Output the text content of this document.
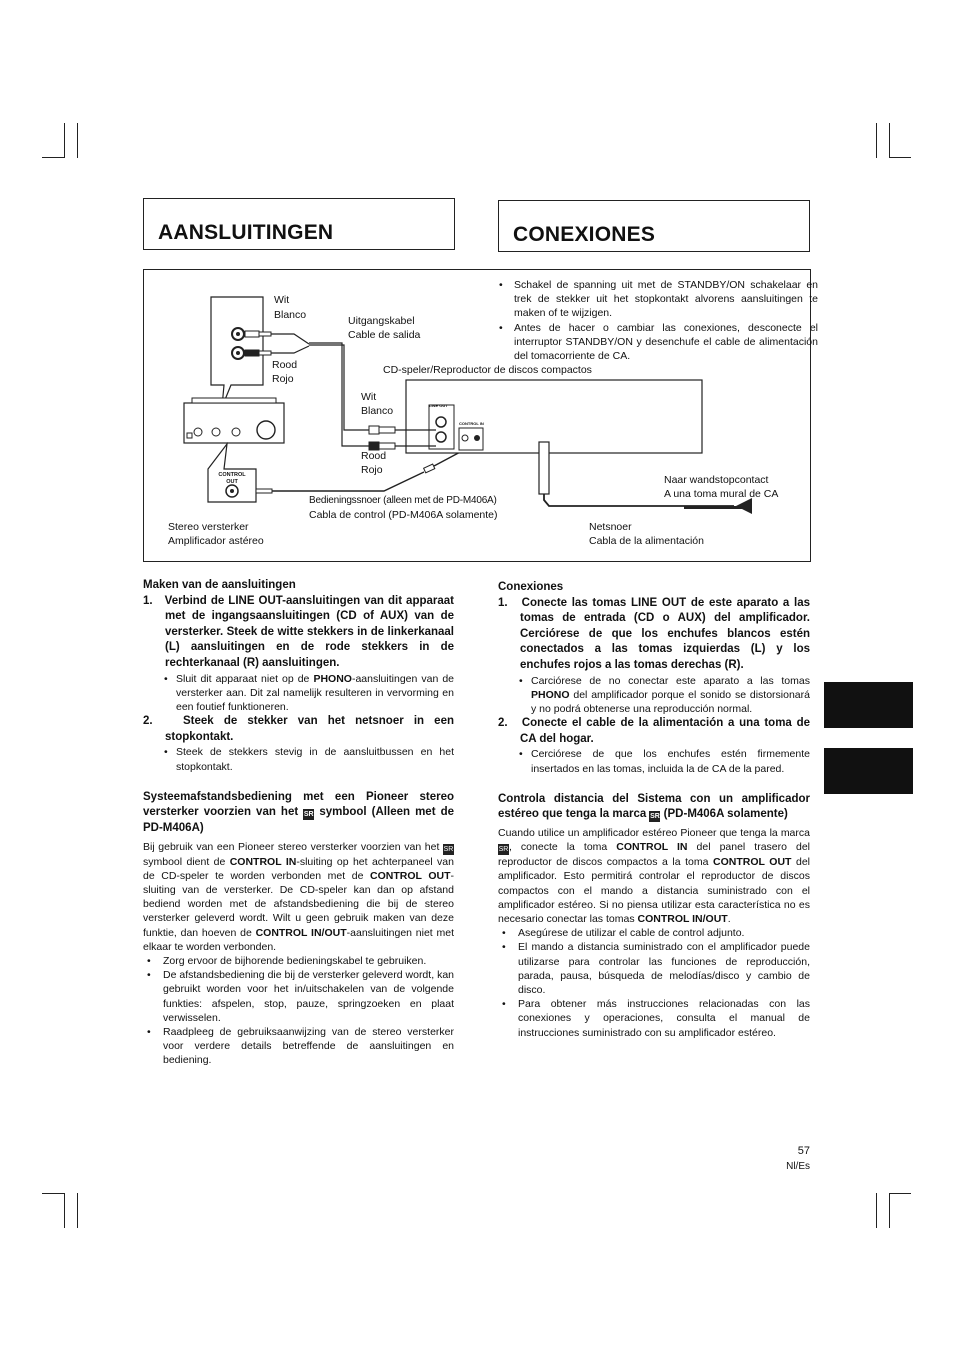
AANSLUITINGEN	CONEXIONES
Wit
Blanco
Rood
Rojo
Uitgangskabel
Cable de salida
CD-speler/Reproductor de discos compactos
Wit
Blanco
Rood
Rojo
Naar wandstopcontact
A una toma mural de CA
Bedieningssnoer (alleen met de PD-M406A)
Cabla de control (PD-M406A solamente)
Stereo versterker
Amplificador astéreo
Netsnoer
Cabla de la alimentación
CONTROL OUT
LINE OUT
CONTROL IN
• Schakel de spanning uit met de STANDBY/ON schakelaar en trek de stekker uit het stopkontakt alvorens aansluitingen te maken of te wijzigen.
• Antes de hacer o cambiar las conexiones, desconecte el interruptor STANDBY/ON y desenchufe el cable de alimentación del tomacorriente de CA.

Maken van de aansluitingen

1.   Verbind de LINE OUT-aansluitingen van dit apparaat met de ingangsaansluitingen (CD of AUX) van de versterker. Steek de witte stekkers in de linkerkanaal (L) aansluitingen en de rode stekkers in de rechterkanaal (R) aansluitingen.

• Sluit dit apparaat niet op de PHONO-aansluitingen van de versterker aan. Dit zal namelijk resulteren in vervorming en een foutief funktioneren.

2.   Steek de stekker van het netsnoer in een stopkontakt.

• Steek de stekkers stevig in de aansluitbussen en het stopkontakt.

Systeemafstandsbediening met een Pioneer stereo versterker voorzien van het SR symbool (Alleen met de PD-M406A)

Bij gebruik van een Pioneer stereo versterker voorzien van het SR symbool dient de CONTROL IN-sluiting op het achterpaneel van de CD-speler te worden verbonden met de CONTROL OUT-sluiting van de versterker. De CD-speler kan dan op afstand bediend worden met de afstandsbediening die bij de stereo versterker geleverd wordt. Wilt u geen gebruik maken van deze funktie, dan hoeven de CONTROL IN/OUT-aansluitingen niet met elkaar te worden verbonden.

• Zorg ervoor de bijhorende bedieningskabel te gebruiken.

• De afstandsbediening die bij de versterker geleverd wordt, kan gebruikt worden voor het in/uitschakelen van de volgende funkties: afspelen, stop, pauze, springzoeken en plaat verwisselen.

• Raadpleeg de gebruiksaanwijzing van de stereo versterker voor verdere details betreffende de aansluitingen en bediening.

Conexiones

1.   Conecte las tomas LINE OUT de este aparato a las tomas de entrada (CD o AUX) del amplificador. Cerciórese de que los enchufes blancos estén conectados a las tomas izquierdas (L) y los enchufes rojos a las tomas derechas (R).

• Carciórese de no conectar este aparato a las tomas PHONO del amplificador porque el sonido se distorsionará y no podrá obtenerse una reproducción normal.

2.   Conecte el cable de la alimentación a una toma de CA del hogar.

• Cerciórese de que los enchufes estén firmemente insertados en las tomas, incluida la de CA de la pared.

Controla distancia del Sistema con un amplificador estéreo que tenga la marca SR (PD-M406A solamente)

Cuando utilice un amplificador estéreo Pioneer que tenga la marca SR, conecte la toma CONTROL IN del panel trasero del reproductor de discos compactos a la toma CONTROL OUT del amplificador. Esto permitirá controlar el reproductor de discos compactos con el mando a distancia suministrado con el amplificador estéreo. Si no piensa utilizar esta característica no es necesario conectar las tomas CONTROL IN/OUT.

• Asegúrese de utilizar el cable de control adjunto.

• El mando a distancia suministrado con el amplificador puede utilizarse para controlar las funciones de reproducción, parada, pausa, búsqueda de melodías/disco y cambio de disco.

• Para obtener más instrucciones relacionadas con las conexiones y operaciones, consulta el manual de instrucciones suministrado con su amplificador estéreo.

57
Nl/Es
